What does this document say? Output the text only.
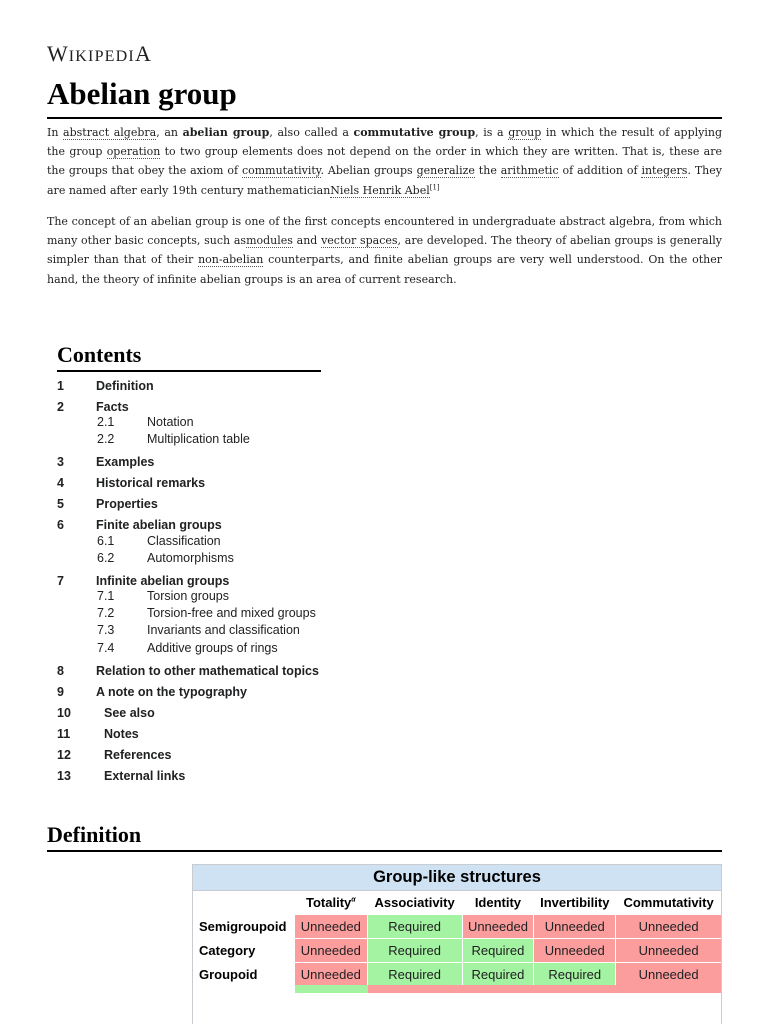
WIKIPEDIA
Abelian group

In abstract algebra, an abelian group, also called a commutative group, is a group in which the result of applying the group operation to two group elements does not depend on the order in which they are written. That is, these are the groups that obey the axiom of commutativity. Abelian groups generalize the arithmetic of addition of integers. They are named after early 19th century mathematicianNiels Henrik Abel[1]

The concept of an abelian group is one of the first concepts encountered in undergraduate abstract algebra, from which many other basic concepts, such asmodules and vector spaces, are developed. The theory of abelian groups is generally simpler than that of their non-abelian counterparts, and finite abelian groups are very well understood. On the other hand, the theory of infinite abelian groups is an area of current research.

Contents
1	Definition
2	Facts
2.1	Notation
2.2	Multiplication table
3	Examples
4	Historical remarks
5	Properties
6	Finite abelian groups
6.1	Classification
6.2	Automorphisms
7	Infinite abelian groups
7.1	Torsion groups
7.2	Torsion-free and mixed groups
7.3	Invariants and classification
7.4	Additive groups of rings
8	Relation to other mathematical topics
9	A note on the typography
10	See also
11	Notes
12	References
13	External links
Definition
Group-like structures					
	Totality$^\alpha$	Associativity	Identity	Invertibility	Commutativity
Semigroupoid	Unneeded	Required	Unneeded	Unneeded	Unneeded
Category	Unneeded	Required	Required	Unneeded	Unneeded
Groupoid	Unneeded	Required	Required	Required	Unneeded
